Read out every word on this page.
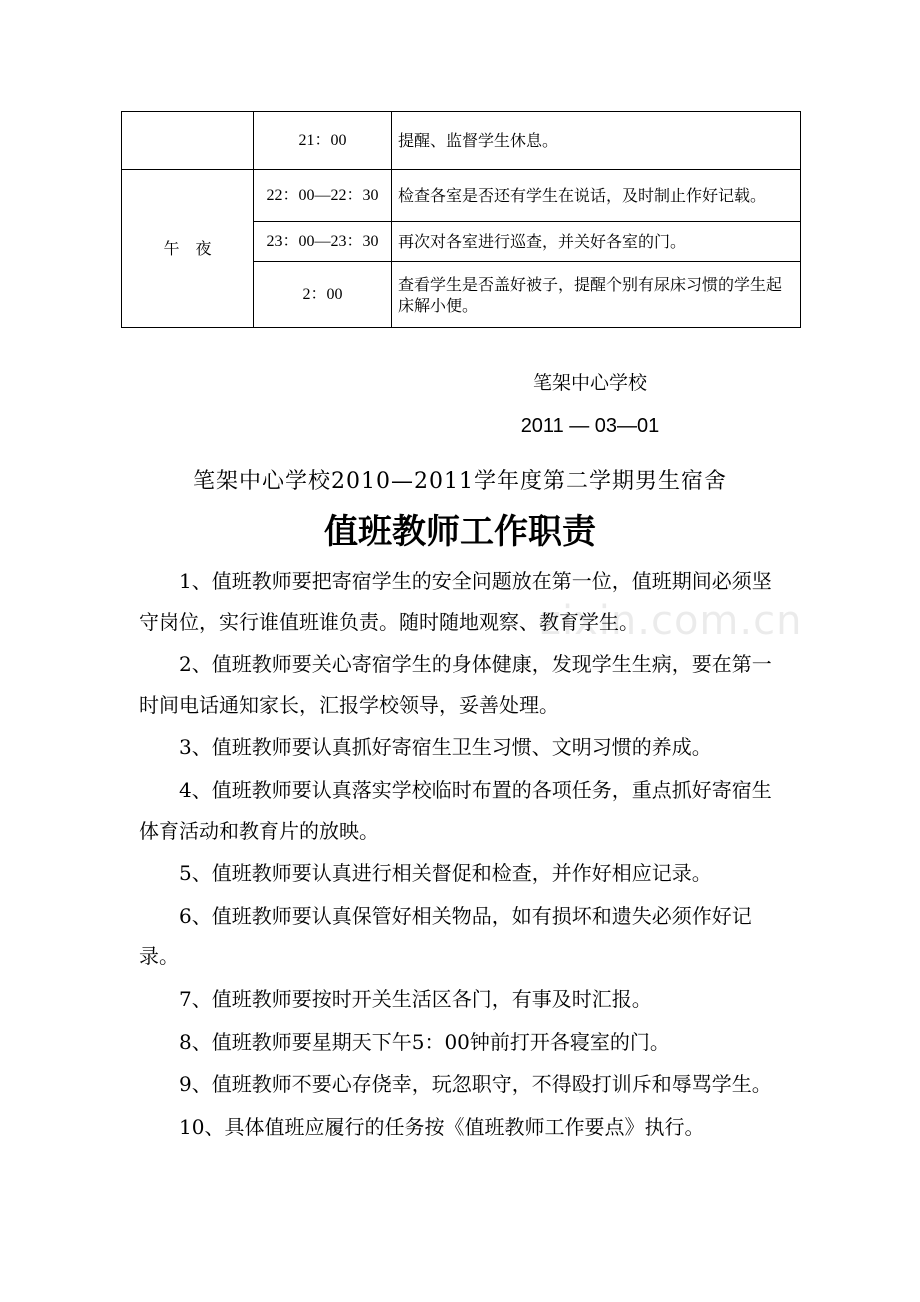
	21：00	提醒、监督学生休息。
午　夜	22：00—22：30	检查各室是否还有学生在说话，及时制止作好记载。
	23：00—23：30	再次对各室进行巡查，并关好各室的门。
	2：00	查看学生是否盖好被子，提醒个别有尿床习惯的学生起床解小便。
笔架中心学校
2011 — 03—01
笔架中心学校2010—2011学年度第二学期男生宿舍
值班教师工作职责

1、值班教师要把寄宿学生的安全问题放在第一位，值班期间必须坚守岗位，实行谁值班谁负责。随时随地观察、教育学生。

2、值班教师要关心寄宿学生的身体健康，发现学生生病，要在第一时间电话通知家长，汇报学校领导，妥善处理。

3、值班教师要认真抓好寄宿生卫生习惯、文明习惯的养成。

4、值班教师要认真落实学校临时布置的各项任务，重点抓好寄宿生体育活动和教育片的放映。

5、值班教师要认真进行相关督促和检查，并作好相应记录。

6、值班教师要认真保管好相关物品，如有损坏和遗失必须作好记录。

7、值班教师要按时开关生活区各门，有事及时汇报。

8、值班教师要星期天下午5：00钟前打开各寝室的门。

9、值班教师不要心存侥幸，玩忽职守，不得殴打训斥和辱骂学生。

10、具体值班应履行的任务按《值班教师工作要点》执行。

zixin.com.cn
